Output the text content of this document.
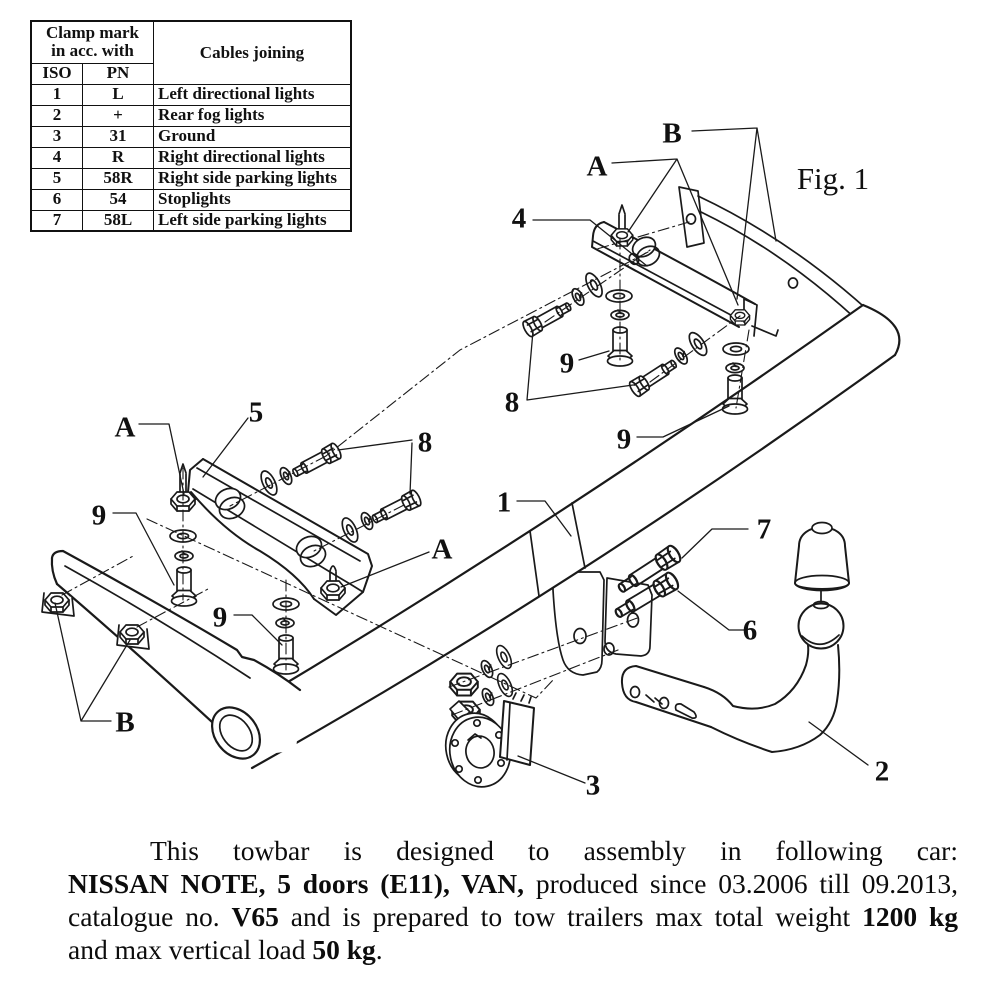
Clamp mark
in acc. with		Cables joining
ISO	PN	
1	L	Left directional lights
2	+	Rear fog lights
3	31	Ground
4	R	Right directional lights
5	58R	Right side parking lights
6	54	Stoplights
7	58L	Left side parking lights
Fig. 1
B
A
4
9
8
9
A	5
8
9
A
9
1
7
6
B
3	2
This towbar is designed to assembly in following car:
NISSAN NOTE, 5 doors (E11), VAN, produced since 03.2006 till 09.2013,
catalogue no. V65 and is prepared to tow trailers max total weight 1200 kg
and max vertical load 50 kg.
